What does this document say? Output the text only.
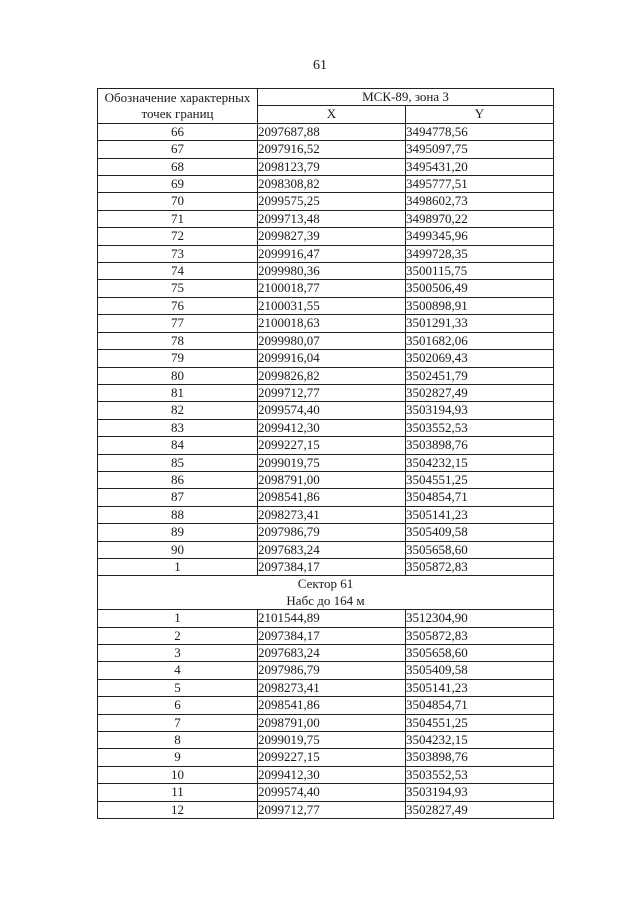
61
Обозначение характерных точек границ	МСК-89, зона 3	
	X	Y
66	2097687,88	3494778,56
67	2097916,52	3495097,75
68	2098123,79	3495431,20
69	2098308,82	3495777,51
70	2099575,25	3498602,73
71	2099713,48	3498970,22
72	2099827,39	3499345,96
73	2099916,47	3499728,35
74	2099980,36	3500115,75
75	2100018,77	3500506,49
76	2100031,55	3500898,91
77	2100018,63	3501291,33
78	2099980,07	3501682,06
79	2099916,04	3502069,43
80	2099826,82	3502451,79
81	2099712,77	3502827,49
82	2099574,40	3503194,93
83	2099412,30	3503552,53
84	2099227,15	3503898,76
85	2099019,75	3504232,15
86	2098791,00	3504551,25
87	2098541,86	3504854,71
88	2098273,41	3505141,23
89	2097986,79	3505409,58
90	2097683,24	3505658,60
1	2097384,17	3505872,83

Сектор 61
Набс до 164 м		

1	2101544,89	3512304,90
2	2097384,17	3505872,83
3	2097683,24	3505658,60
4	2097986,79	3505409,58
5	2098273,41	3505141,23
6	2098541,86	3504854,71
7	2098791,00	3504551,25
8	2099019,75	3504232,15
9	2099227,15	3503898,76
10	2099412,30	3503552,53
11	2099574,40	3503194,93
12	2099712,77	3502827,49
